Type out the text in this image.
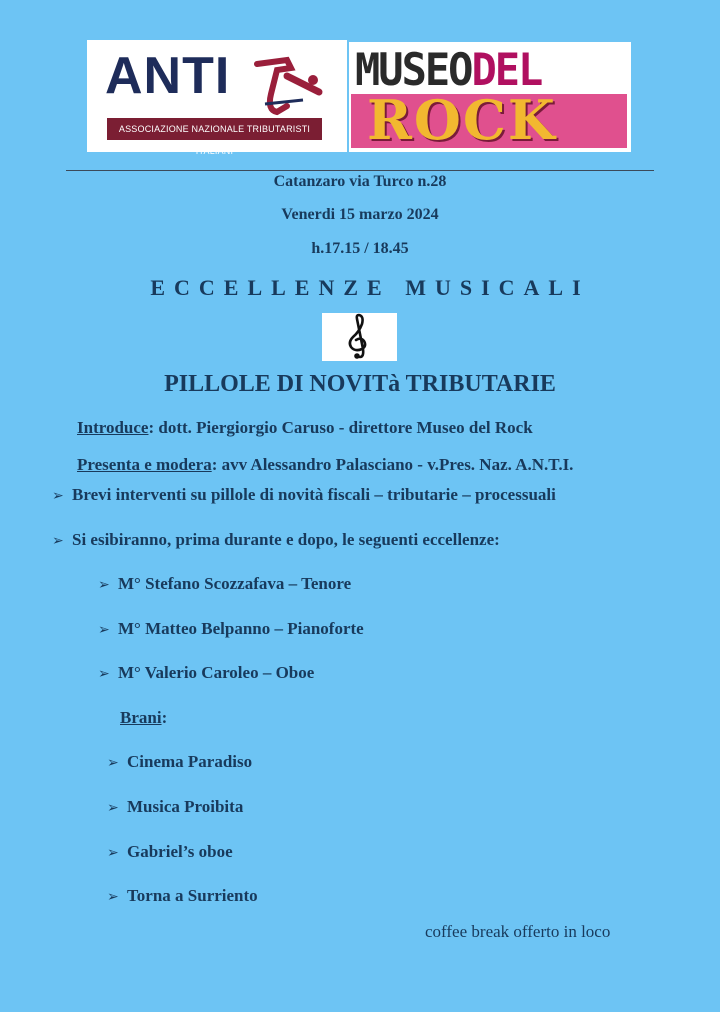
ANTI
ASSOCIAZIONE NAZIONALE TRIBUTARISTI ITALIANI
MUSEODEL
ROCK
Catanzaro via Turco n.28
Venerdi 15 marzo 2024
h.17.15 / 18.45
ECCELLENZE MUSICALI
PILLOLE DI NOVITà TRIBUTARIE
Introduce: dott. Piergiorgio Caruso - direttore Museo del Rock
Presenta e modera: avv Alessandro Palasciano - v.Pres. Naz. A.N.T.I.
➢ Brevi interventi su pillole di novità fiscali – tributarie – processuali
➢ Si esibiranno, prima durante e dopo, le seguenti eccellenze:
➢ M° Stefano Scozzafava – Tenore
➢ M° Matteo Belpanno – Pianoforte
➢ M° Valerio Caroleo – Oboe
Brani:
➢ Cinema Paradiso
➢ Musica Proibita
➢ Gabriel’s oboe
➢ Torna a Surriento
coffee break offerto in loco
